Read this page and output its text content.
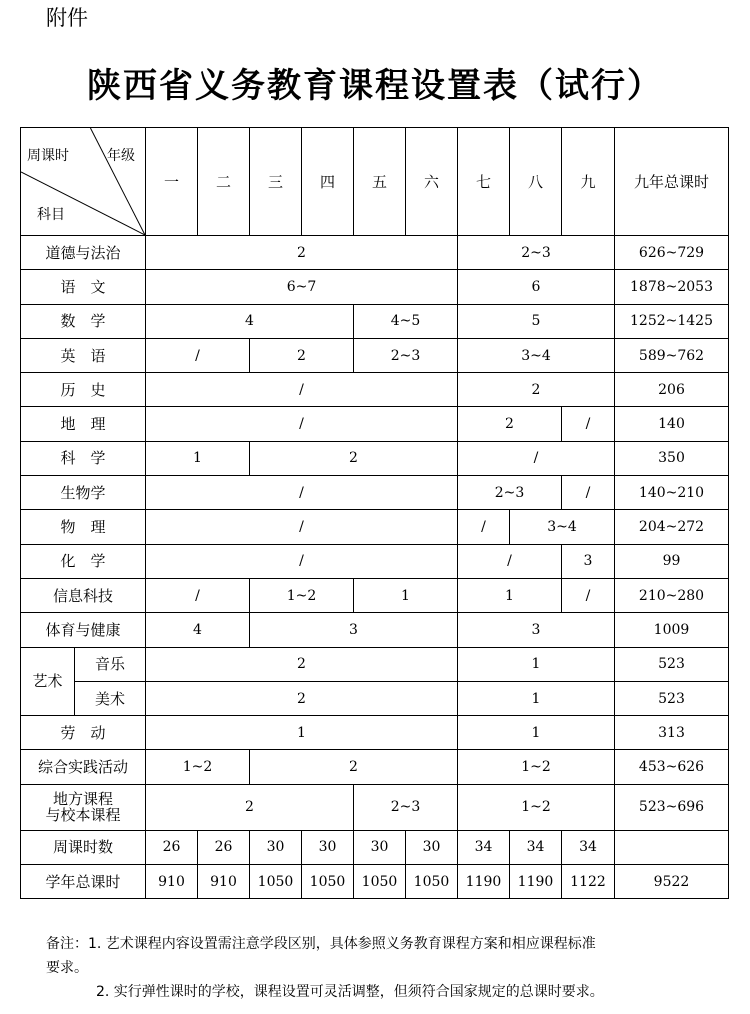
附件
陕西省义务教育课程设置表（试行）
周课时 年级
科目		一	二	三	四	五	六	七	八	九	九年总课时
道德与法治		2						2~3			626~729
语　文		6~7						6			1878~2053
数　学		4				4~5		5			1252~1425
英　语		/		2		2~3		3~4			589~762
历　史		/						2			206
地　理		/						2		/	140
科　学		1		2				/			350
生物学		/						2~3		/	140~210
物　理		/						/	3~4		204~272
化　学		/						/		3	99
信息科技		/		1~2		1		1		/	210~280
体育与健康		4		3				3			1009
艺术	音乐	2						1			523
	美术	2						1			523
劳　动		1						1			313
综合实践活动		1~2		2				1~2			453~626

地方课程
与校本课程		2				2~3		1~2			523~696
周课时数		26	26	30	30	30	30	34	34	34	
学年总课时		910	910	1050	1050	1050	1050	1190	1190	1122	9522
备注：1. 艺术课程内容设置需注意学段区别，具体参照义务教育课程方案和相应课程标准
要求。
2. 实行弹性课时的学校，课程设置可灵活调整，但须符合国家规定的总课时要求。
